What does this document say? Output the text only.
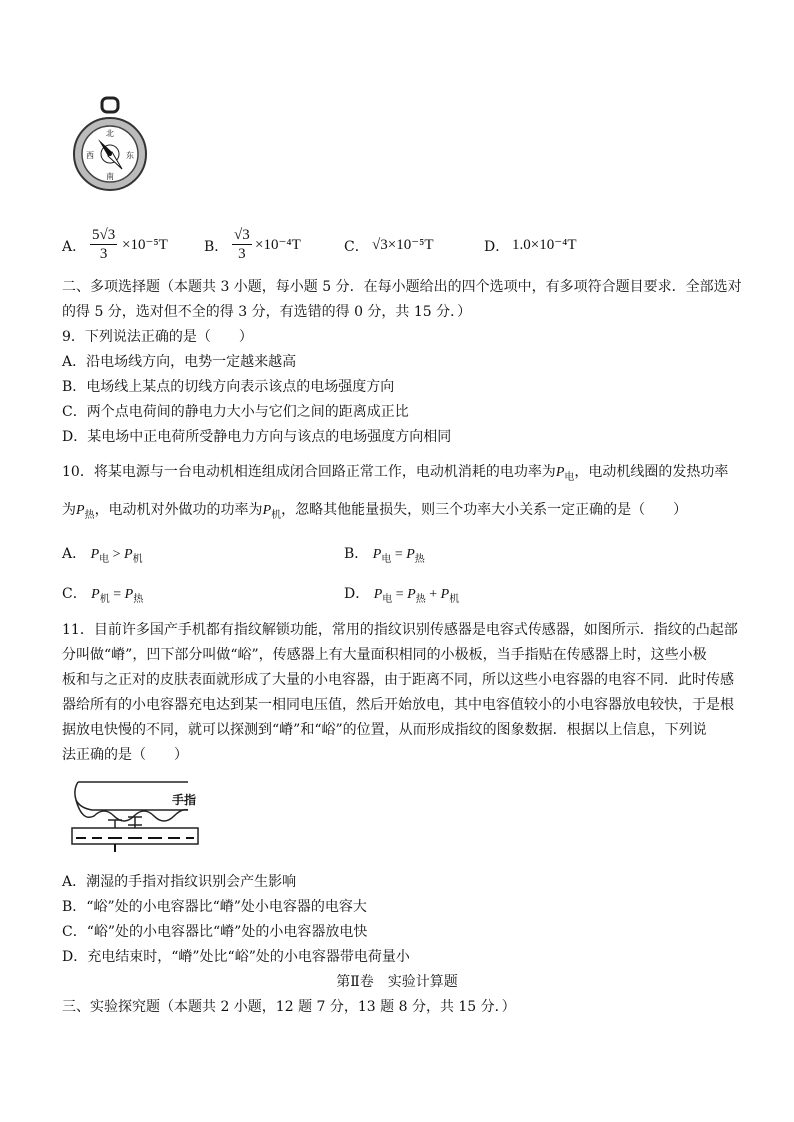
北
南
东
西
A． $\frac{5√3}{3} \times 10^{-5}T$	B． $\frac{√3}{3} \times 10^{-4}T$	C． √3×10⁻⁵T	D． 1.0×10⁻⁴T
二、多项选择题（本题共 3 小题，每小题 5 分．在每小题给出的四个选项中，有多项符合题目要求．全部选对
的得 5 分，选对但不全的得 3 分，有选错的得 0 分，共 15 分．）
9．下列说法正确的是（　　）
A．沿电场线方向，电势一定越来越高
B．电场线上某点的切线方向表示该点的电场强度方向
C．两个点电荷间的静电力大小与它们之间的距离成正比
D．某电场中正电荷所受静电力方向与该点的电场强度方向相同
10．将某电源与一台电动机相连组成闭合回路正常工作，电动机消耗的电功率为$P_电$，电动机线圈的发热功率
为$P_热$，电动机对外做功的功率为$P_机$，忽略其他能量损失，则三个功率大小关系一定正确的是（　　）
A． $P_电 > P_机$	B． $P_电 = P_热$
C． $P_机 = P_热$	D． $P_电 = P_热 + P_机$
11．目前许多国产手机都有指纹解锁功能，常用的指纹识别传感器是电容式传感器，如图所示．指纹的凸起部
分叫做“嵴”，凹下部分叫做“峪”，传感器上有大量面积相同的小极板，当手指贴在传感器上时，这些小极
板和与之正对的皮肤表面就形成了大量的小电容器，由于距离不同，所以这些小电容器的电容不同．此时传感
器给所有的小电容器充电达到某一相同电压值，然后开始放电，其中电容值较小的小电容器放电较快，于是根
据放电快慢的不同，就可以探测到“嵴”和“峪”的位置，从而形成指纹的图象数据．根据以上信息，下列说
法正确的是（　　）
手指
A．潮湿的手指对指纹识别会产生影响
B．“峪”处的小电容器比“嵴”处小电容器的电容大
C．“峪”处的小电容器比“嵴”处的小电容器放电快
D．充电结束时，“嵴”处比“峪”处的小电容器带电荷量小
第Ⅱ卷　实验计算题
三、实验探究题（本题共 2 小题，12 题 7 分，13 题 8 分，共 15 分．）
